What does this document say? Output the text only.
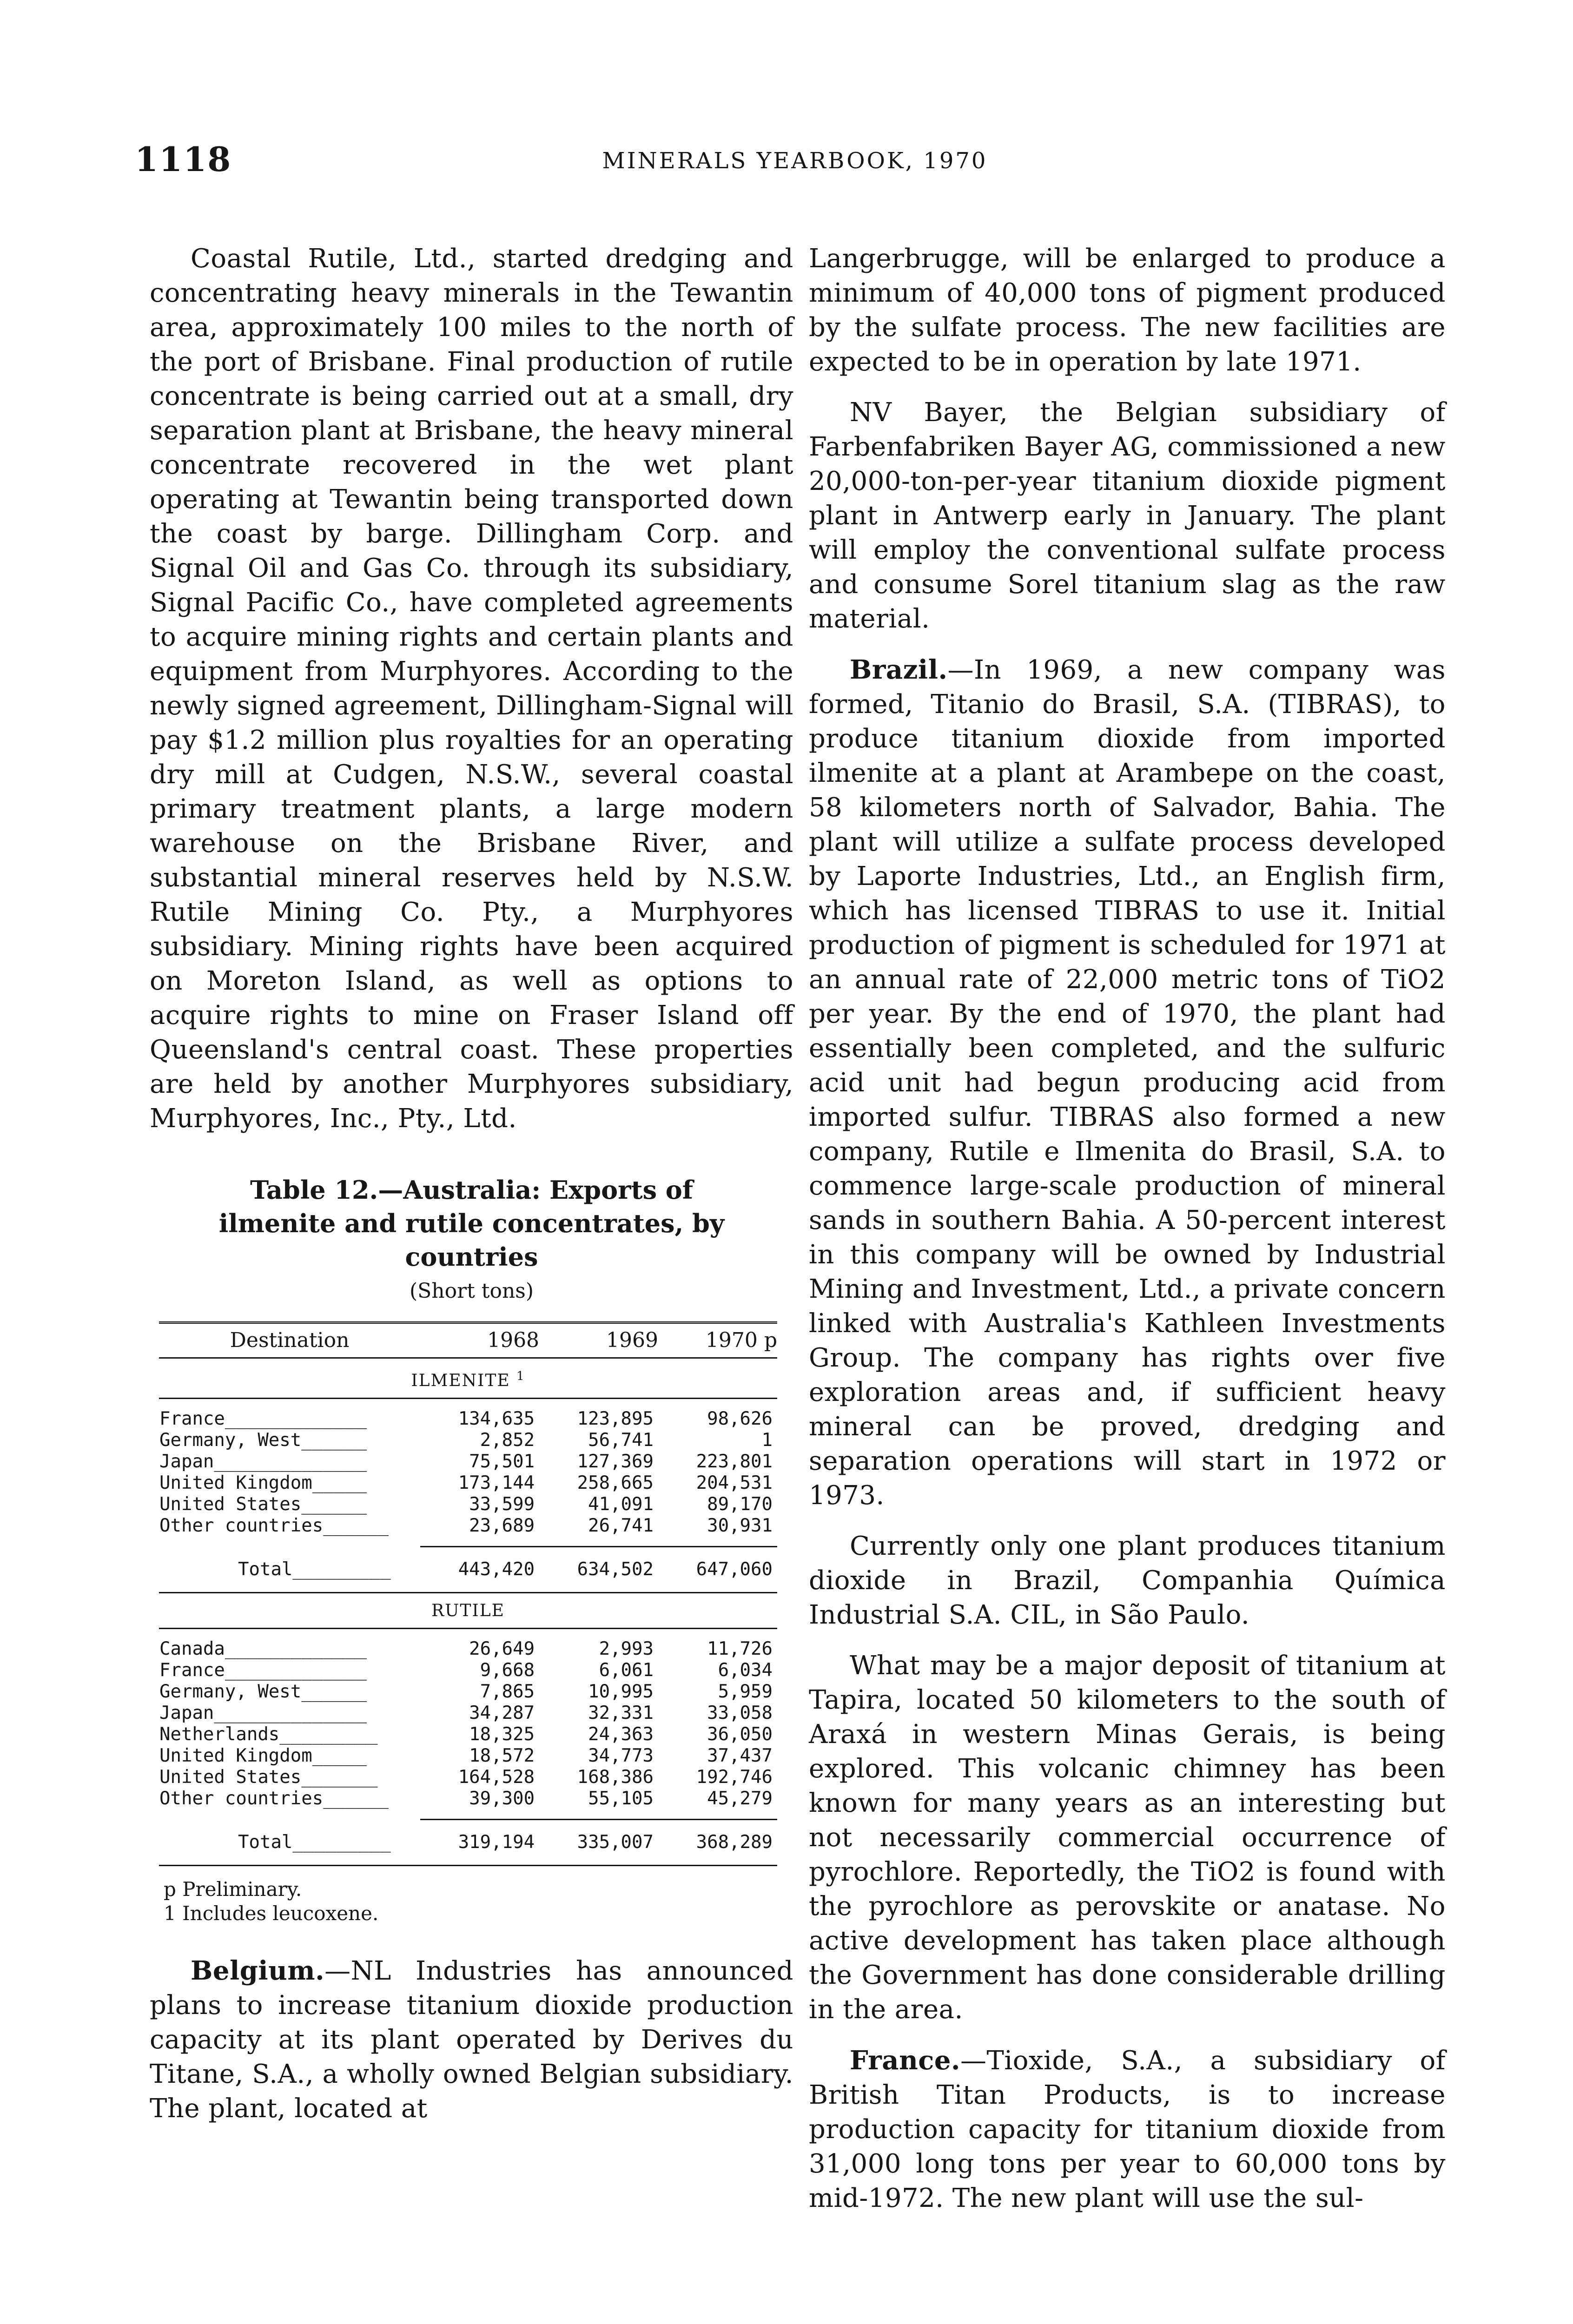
1118	MINERALS YEARBOOK, 1970

Coastal Rutile, Ltd., started dredging and concentrating heavy minerals in the Tewantin area, approximately 100 miles to the north of the port of Brisbane. Final production of rutile concentrate is being carried out at a small, dry separation plant at Brisbane, the heavy mineral concentrate recovered in the wet plant operating at Tewantin being transported down the coast by barge. Dillingham Corp. and Signal Oil and Gas Co. through its subsidiary, Signal Pacific Co., have completed agreements to acquire mining rights and certain plants and equipment from Murphyores. According to the newly signed agreement, Dillingham-Signal will pay $1.2 million plus royalties for an operating dry mill at Cudgen, N.S.W., several coastal primary treatment plants, a large modern warehouse on the Brisbane River, and substantial mineral reserves held by N.S.W. Rutile Mining Co. Pty., a Murphyores subsidiary. Mining rights have been acquired on Moreton Island, as well as options to acquire rights to mine on Fraser Island off Queensland's central coast. These properties are held by another Murphyores subsidiary, Murphyores, Inc., Pty., Ltd.

Table 12.—Australia: Exports of ilmenite and rutile concentrates, by countries
(Short tons)
Destination	1968	1969	1970 p
ILMENITE $^1$

France_____________	134,635	123,895	98,626
Germany, West______	2,852	56,741	1
Japan______________	75,501	127,369	223,801
United Kingdom_____	173,144	258,665	204,531
United States______	33,599	41,091	89,170
Other countries______	23,689	26,741	30,931

Total_________	443,420	634,502	647,060
RUTILE			

Canada_____________	26,649	2,993	11,726
France_____________	9,668	6,061	6,034
Germany, West______	7,865	10,995	5,959
Japan______________	34,287	32,331	33,058
Netherlands_________	18,325	24,363	36,050
United Kingdom_____	18,572	34,773	37,437
United States_______	164,528	168,386	192,746
Other countries______	39,300	55,105	45,279

Total_________	319,194	335,007	368,289
p Preliminary.
1 Includes leucoxene.

Belgium.—NL Industries has announced plans to increase titanium dioxide production capacity at its plant operated by Derives du Titane, S.A., a wholly owned Belgian subsidiary. The plant, located at

Langerbrugge, will be enlarged to produce a minimum of 40,000 tons of pigment produced by the sulfate process. The new facilities are expected to be in operation by late 1971.

NV Bayer, the Belgian subsidiary of Farbenfabriken Bayer AG, commissioned a new 20,000-ton-per-year titanium dioxide pigment plant in Antwerp early in January. The plant will employ the conventional sulfate process and consume Sorel titanium slag as the raw material.

Brazil.—In 1969, a new company was formed, Titanio do Brasil, S.A. (TIBRAS), to produce titanium dioxide from imported ilmenite at a plant at Arambepe on the coast, 58 kilometers north of Salvador, Bahia. The plant will utilize a sulfate process developed by Laporte Industries, Ltd., an English firm, which has licensed TIBRAS to use it. Initial production of pigment is scheduled for 1971 at an annual rate of 22,000 metric tons of TiO2 per year. By the end of 1970, the plant had essentially been completed, and the sulfuric acid unit had begun producing acid from imported sulfur. TIBRAS also formed a new company, Rutile e Ilmenita do Brasil, S.A. to commence large-scale production of mineral sands in southern Bahia. A 50-percent interest in this company will be owned by Industrial Mining and Investment, Ltd., a private concern linked with Australia's Kathleen Investments Group. The company has rights over five exploration areas and, if sufficient heavy mineral can be proved, dredging and separation operations will start in 1972 or 1973.

Currently only one plant produces titanium dioxide in Brazil, Companhia Química Industrial S.A. CIL, in São Paulo.

What may be a major deposit of titanium at Tapira, located 50 kilometers to the south of Araxá in western Minas Gerais, is being explored. This volcanic chimney has been known for many years as an interesting but not necessarily commercial occurrence of pyrochlore. Reportedly, the TiO2 is found with the pyrochlore as perovskite or anatase. No active development has taken place although the Government has done considerable drilling in the area.

France.—Tioxide, S.A., a subsidiary of British Titan Products, is to increase production capacity for titanium dioxide from 31,000 long tons per year to 60,000 tons by mid-1972. The new plant will use the sul-
